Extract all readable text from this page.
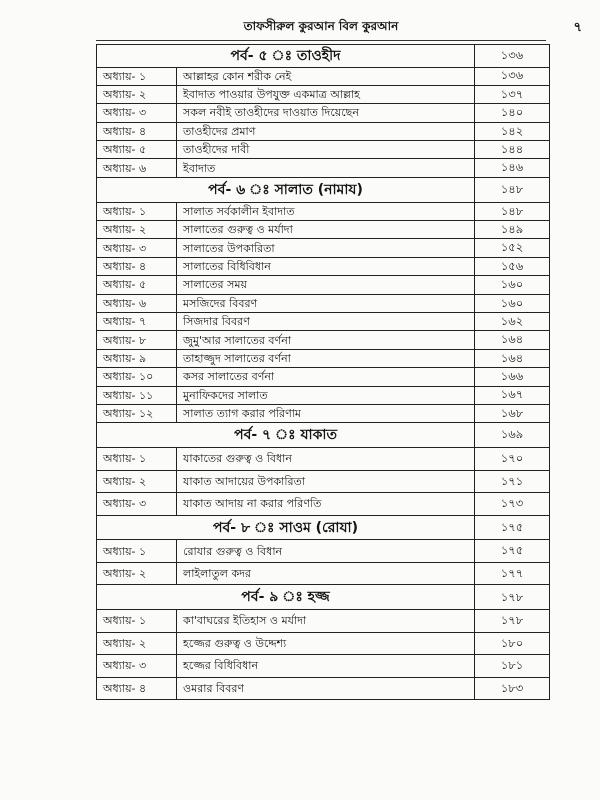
তাফসীরুল কুরআন বিল কুরআন	৭
পর্ব- ৫ ঃ তাওহীদ		১৩৬
অধ্যায়- ১	আল্লাহর কোন শরীক নেই	১৩৬
অধ্যায়- ২	ইবাদাত পাওয়ার উপযুক্ত একমাত্র আল্লাহ	১৩৭
অধ্যায়- ৩	সকল নবীই তাওহীদের দাওয়াত দিয়েছেন	১৪০
অধ্যায়- ৪	তাওহীদের প্রমাণ	১৪২
অধ্যায়- ৫	তাওহীদের দাবী	১৪৪
অধ্যায়- ৬	ইবাদাত	১৪৬
পর্ব- ৬ ঃ সালাত (নামায)		১৪৮
অধ্যায়- ১	সালাত সর্বকালীন ইবাদাত	১৪৮
অধ্যায়- ২	সালাতের গুরুত্ব ও মর্যাদা	১৪৯
অধ্যায়- ৩	সালাতের উপকারিতা	১৫২
অধ্যায়- ৪	সালাতের বিধিবিধান	১৫৬
অধ্যায়- ৫	সালাতের সময়	১৬০
অধ্যায়- ৬	মসজিদের বিবরণ	১৬০
অধ্যায়- ৭	সিজদার বিবরণ	১৬২
অধ্যায়- ৮	জুমু'আর সালাতের বর্ণনা	১৬৪
অধ্যায়- ৯	তাহাজ্জুদ সালাতের বর্ণনা	১৬৪
অধ্যায়- ১০	কসর সালাতের বর্ণনা	১৬৬
অধ্যায়- ১১	মুনাফিকদের সালাত	১৬৭
অধ্যায়- ১২	সালাত ত্যাগ করার পরিণাম	১৬৮
পর্ব- ৭ ঃ যাকাত		১৬৯
অধ্যায়- ১	যাকাতের গুরুত্ব ও বিধান	১৭০
অধ্যায়- ২	যাকাত আদায়ের উপকারিতা	১৭১
অধ্যায়- ৩	যাকাত আদায় না করার পরিণতি	১৭৩
পর্ব- ৮ ঃ সাওম (রোযা)		১৭৫
অধ্যায়- ১	রোযার গুরুত্ব ও বিধান	১৭৫
অধ্যায়- ২	লাইলাতুল কদর	১৭৭
পর্ব- ৯ ঃ হজ্জ		১৭৮
অধ্যায়- ১	কা'বাঘরের ইতিহাস ও মর্যাদা	১৭৮
অধ্যায়- ২	হজ্জের গুরুত্ব ও উদ্দেশ্য	১৮০
অধ্যায়- ৩	হজ্জের বিধিবিধান	১৮১
অধ্যায়- ৪	ওমরার বিবরণ	১৮৩
